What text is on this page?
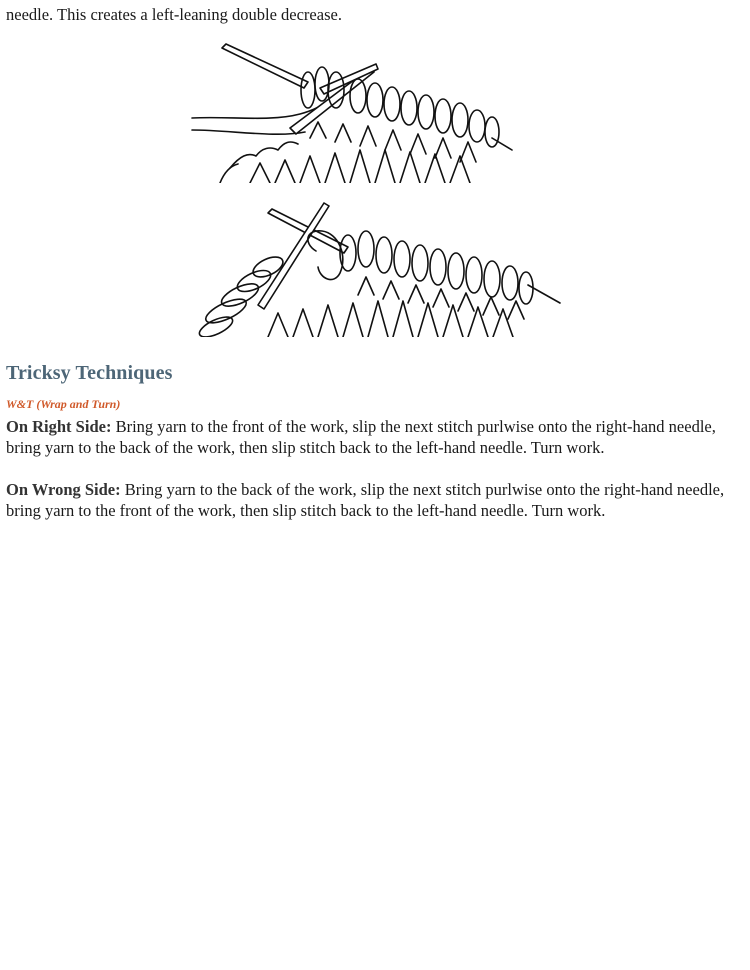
needle. This creates a left-leaning double decrease.

Tricksy Techniques

W&T (Wrap and Turn)

On Right Side: Bring yarn to the front of the work, slip the next stitch purlwise onto the right-hand needle, bring yarn to the back of the work, then slip stitch back to the left-hand needle. Turn work.

On Wrong Side: Bring yarn to the back of the work, slip the next stitch purlwise onto the right-hand needle, bring yarn to the front of the work, then slip stitch back to the left-hand needle. Turn work.
